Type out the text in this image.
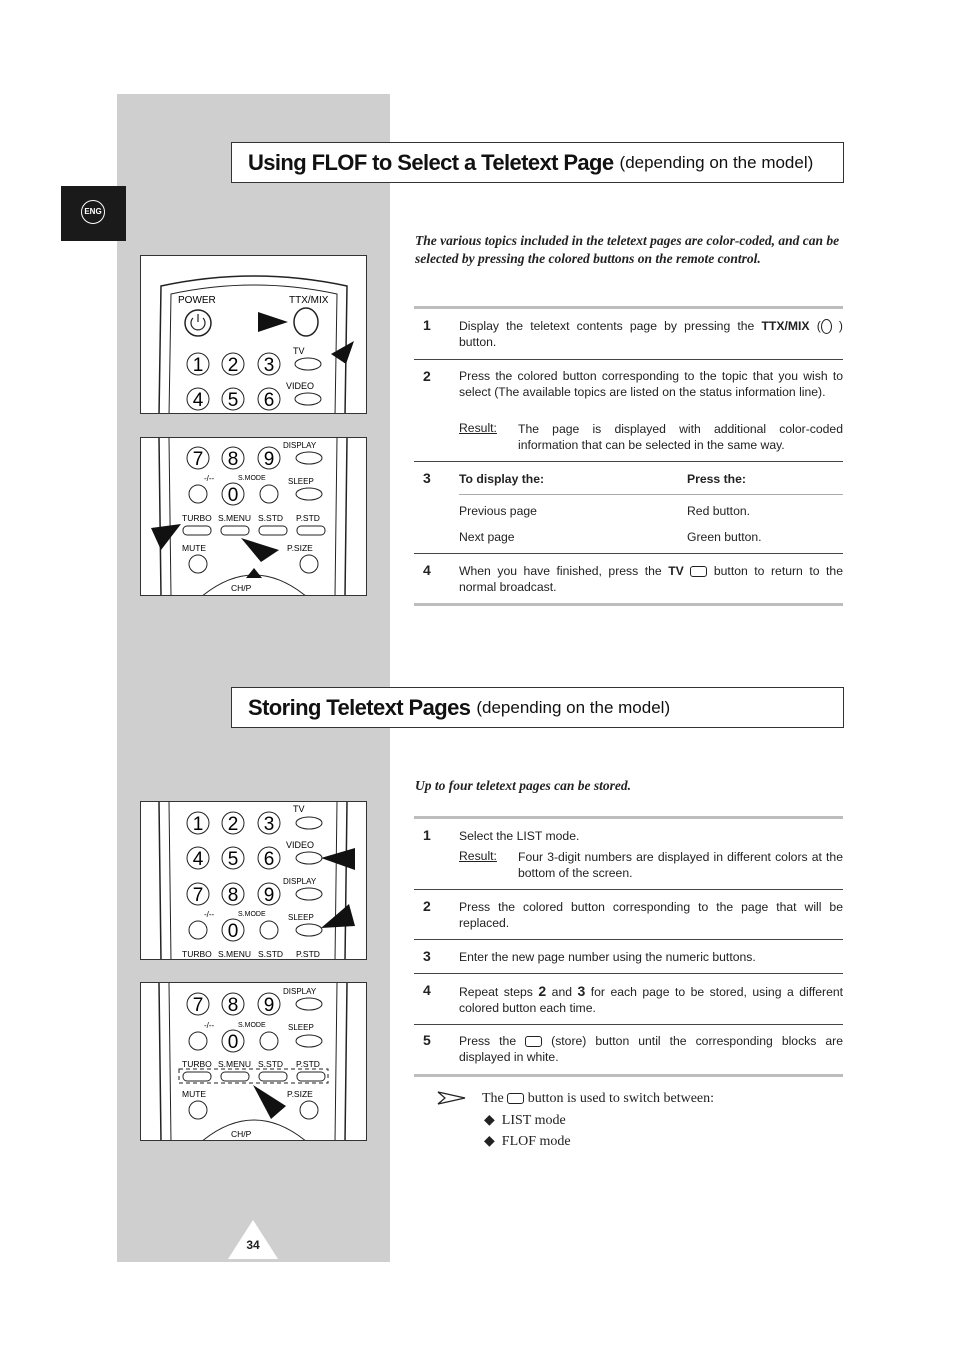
ENG
Using FLOF to Select a Teletext Page (depending on the model)
The various topics included in the teletext pages are color-coded, and can be selected by pressing the colored buttons on the remote control.
1 Display the teletext contents page by pressing the TTX/MIX ( ) button.
2 Press the colored button corresponding to the topic that you wish to select (The available topics are listed on the status information line).
Result: The page is displayed with additional color-coded information that can be selected in the same way.
3 To display the:	Press the:
Previous page	Red button.
Next page	Green button.
4 When you have finished, press the TV  button to return to the normal broadcast.
Storing Teletext Pages (depending on the model)
Up to four teletext pages can be stored.
1 Select the LIST mode.
Result: Four 3-digit numbers are displayed in different colors at the bottom of the screen.
2 Press the colored button corresponding to the page that will be replaced.
3 Enter the new page number using the numeric buttons.
4 Repeat steps 2 and 3 for each page to be stored, using a different colored button each time.
5 Press the  (store) button until the corresponding blocks are displayed in white.
The  button is used to switch between:
◆  LIST mode
◆  FLOF mode
POWER	TTX/MIX
1 2 3
4 5 6
TV
VIDEO
7 8 9
0
DISPLAY
-/--	S.MODE	SLEEP
TURBO S.MENU S.STD P.STD
MUTE	P.SIZE
CH/P
1 2 3
4 5 6
7 8 9
0
TV
VIDEO
DISPLAY
-/--	S.MODE	SLEEP
TURBO S.MENU S.STD P.STD
7 8 9
0
DISPLAY
-/--	S.MODE	SLEEP
TURBO S.MENU S.STD P.STD
MUTE	P.SIZE
CH/P
34
